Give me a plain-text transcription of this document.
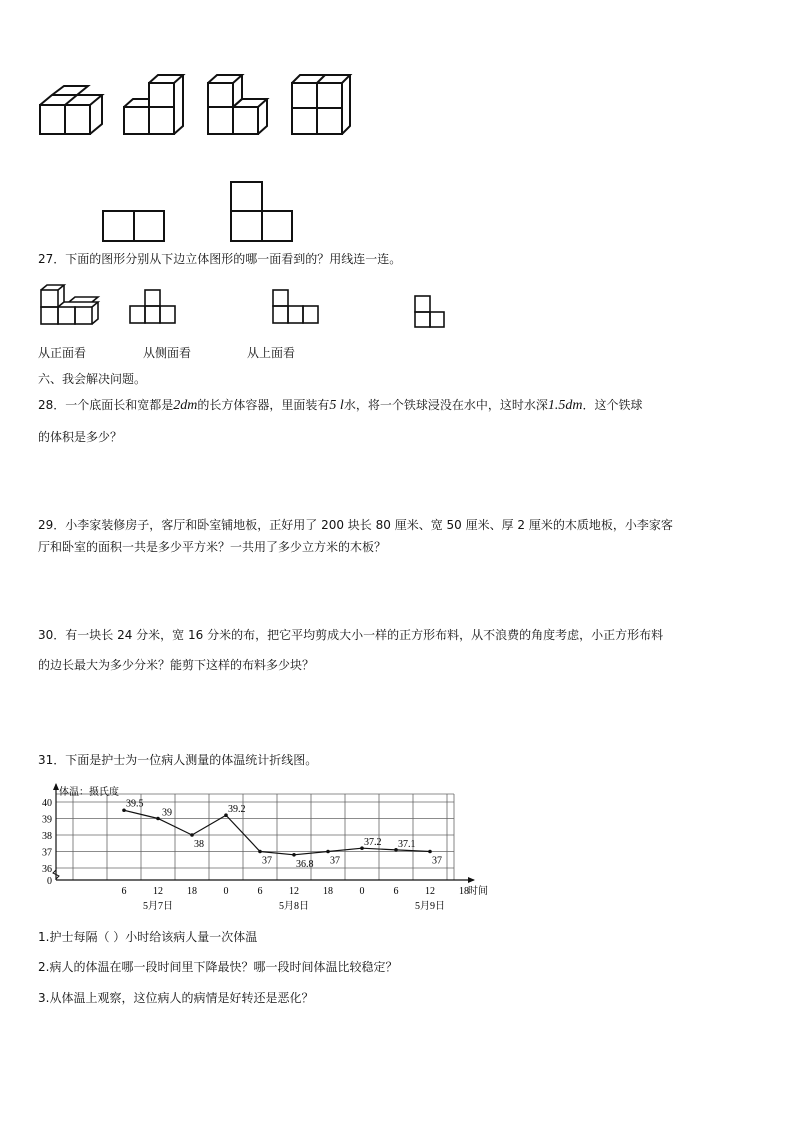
27．下面的图形分别从下边立体图形的哪一面看到的？用线连一连。
从正面看	从侧面看	从上面看
六、我会解决问题。
28．一个底面长和宽都是2dm的长方体容器，里面装有5 l水，将一个铁球浸没在水中，这时水深1.5dm．这个铁球
的体积是多少？
29．小李家装修房子，客厅和卧室铺地板，正好用了 200 块长 80 厘米、宽 50 厘米、厚 2 厘米的木质地板，小李家客
厅和卧室的面积一共是多少平方米？一共用了多少立方米的木板？
30．有一块长 24 分米，宽 16 分米的布，把它平均剪成大小一样的正方形布料，从不浪费的角度考虑，小正方形布料
的边长最大为多少分米？能剪下这样的布料多少块？
31．下面是护士为一位病人测量的体温统计折线图。
体温：摄氏度
40
39
38
37
36
0
6	12 18	0	6	12 18	0	6	12 18 时间
5月7日	5月8日	5月9日
39.5
39
38
39.2
37 36.8 37
37.2 37.1
37
1.护士每隔（ ）小时给该病人量一次体温
2.病人的体温在哪一段时间里下降最快？哪一段时间体温比较稳定？
3.从体温上观察，这位病人的病情是好转还是恶化？
